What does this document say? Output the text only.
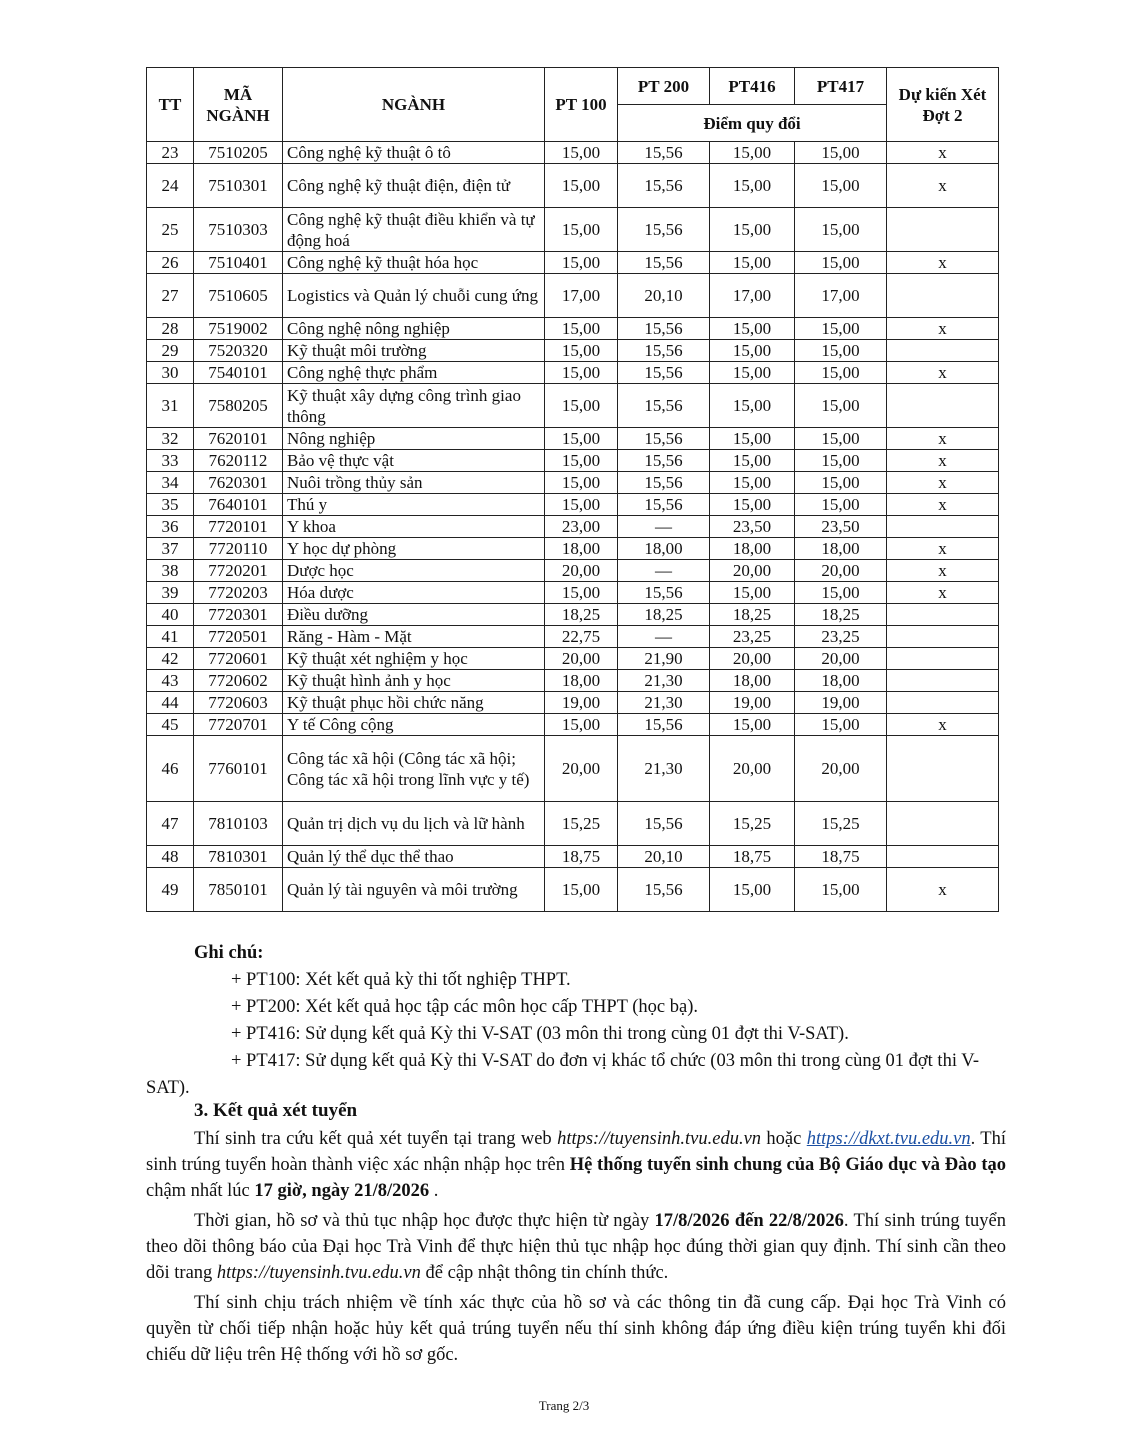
TT	MÃ NGÀNH	NGÀNH	PT 100	PT 200	PT416	PT417	Dự kiến Xét Đợt 2
				Điểm quy đổi			
23	7510205	Công nghệ kỹ thuật ô tô	15,00	15,56	15,00	15,00	x
24	7510301	Công nghệ kỹ thuật điện, điện tử	15,00	15,56	15,00	15,00	x
25	7510303	Công nghệ kỹ thuật điều khiển và tự động hoá	15,00	15,56	15,00	15,00	
26	7510401	Công nghệ kỹ thuật hóa học	15,00	15,56	15,00	15,00	x
27	7510605	Logistics và Quản lý chuỗi cung ứng	17,00	20,10	17,00	17,00	
28	7519002	Công nghệ nông nghiệp	15,00	15,56	15,00	15,00	x
29	7520320	Kỹ thuật môi trường	15,00	15,56	15,00	15,00	
30	7540101	Công nghệ thực phẩm	15,00	15,56	15,00	15,00	x
31	7580205	Kỹ thuật xây dựng công trình giao thông	15,00	15,56	15,00	15,00	
32	7620101	Nông nghiệp	15,00	15,56	15,00	15,00	x
33	7620112	Bảo vệ thực vật	15,00	15,56	15,00	15,00	x
34	7620301	Nuôi trồng thủy sản	15,00	15,56	15,00	15,00	x
35	7640101	Thú y	15,00	15,56	15,00	15,00	x
36	7720101	Y khoa	23,00	—	23,50	23,50	
37	7720110	Y học dự phòng	18,00	18,00	18,00	18,00	x
38	7720201	Dược học	20,00	—	20,00	20,00	x
39	7720203	Hóa dược	15,00	15,56	15,00	15,00	x
40	7720301	Điều dưỡng	18,25	18,25	18,25	18,25	
41	7720501	Răng - Hàm - Mặt	22,75	—	23,25	23,25	
42	7720601	Kỹ thuật xét nghiệm y học	20,00	21,90	20,00	20,00	
43	7720602	Kỹ thuật hình ảnh y học	18,00	21,30	18,00	18,00	
44	7720603	Kỹ thuật phục hồi chức năng	19,00	21,30	19,00	19,00	
45	7720701	Y tế Công cộng	15,00	15,56	15,00	15,00	x
46	7760101	Công tác xã hội (Công tác xã hội; Công tác xã hội trong lĩnh vực y tế)	20,00	21,30	20,00	20,00	
47	7810103	Quản trị dịch vụ du lịch và lữ hành	15,25	15,56	15,25	15,25	
48	7810301	Quản lý thể dục thể thao	18,75	20,10	18,75	18,75	
49	7850101	Quản lý tài nguyên và môi trường	15,00	15,56	15,00	15,00	x
Ghi chú:
+ PT100: Xét kết quả kỳ thi tốt nghiệp THPT.
+ PT200: Xét kết quả học tập các môn học cấp THPT (học bạ).
+ PT416: Sử dụng kết quả Kỳ thi V-SAT (03 môn thi trong cùng 01 đợt thi V-SAT).
+ PT417: Sử dụng kết quả Kỳ thi V-SAT do đơn vị khác tổ chức (03 môn thi trong cùng 01 đợt thi V-SAT).
3. Kết quả xét tuyển

Thí sinh tra cứu kết quả xét tuyển tại trang web https://tuyensinh.tvu.edu.vn hoặc https://dkxt.tvu.edu.vn. Thí sinh trúng tuyển hoàn thành việc xác nhận nhập học trên Hệ thống tuyển sinh chung của Bộ Giáo dục và Đào tạo chậm nhất lúc 17 giờ, ngày 21/8/2026 .

Thời gian, hồ sơ và thủ tục nhập học được thực hiện từ ngày 17/8/2026 đến 22/8/2026. Thí sinh trúng tuyển theo dõi thông báo của Đại học Trà Vinh để thực hiện thủ tục nhập học đúng thời gian quy định. Thí sinh cần theo dõi trang https://tuyensinh.tvu.edu.vn để cập nhật thông tin chính thức.

Thí sinh chịu trách nhiệm về tính xác thực của hồ sơ và các thông tin đã cung cấp. Đại học Trà Vinh có quyền từ chối tiếp nhận hoặc hủy kết quả trúng tuyển nếu thí sinh không đáp ứng điều kiện trúng tuyển khi đối chiếu dữ liệu trên Hệ thống với hồ sơ gốc.

Trang 2/3
